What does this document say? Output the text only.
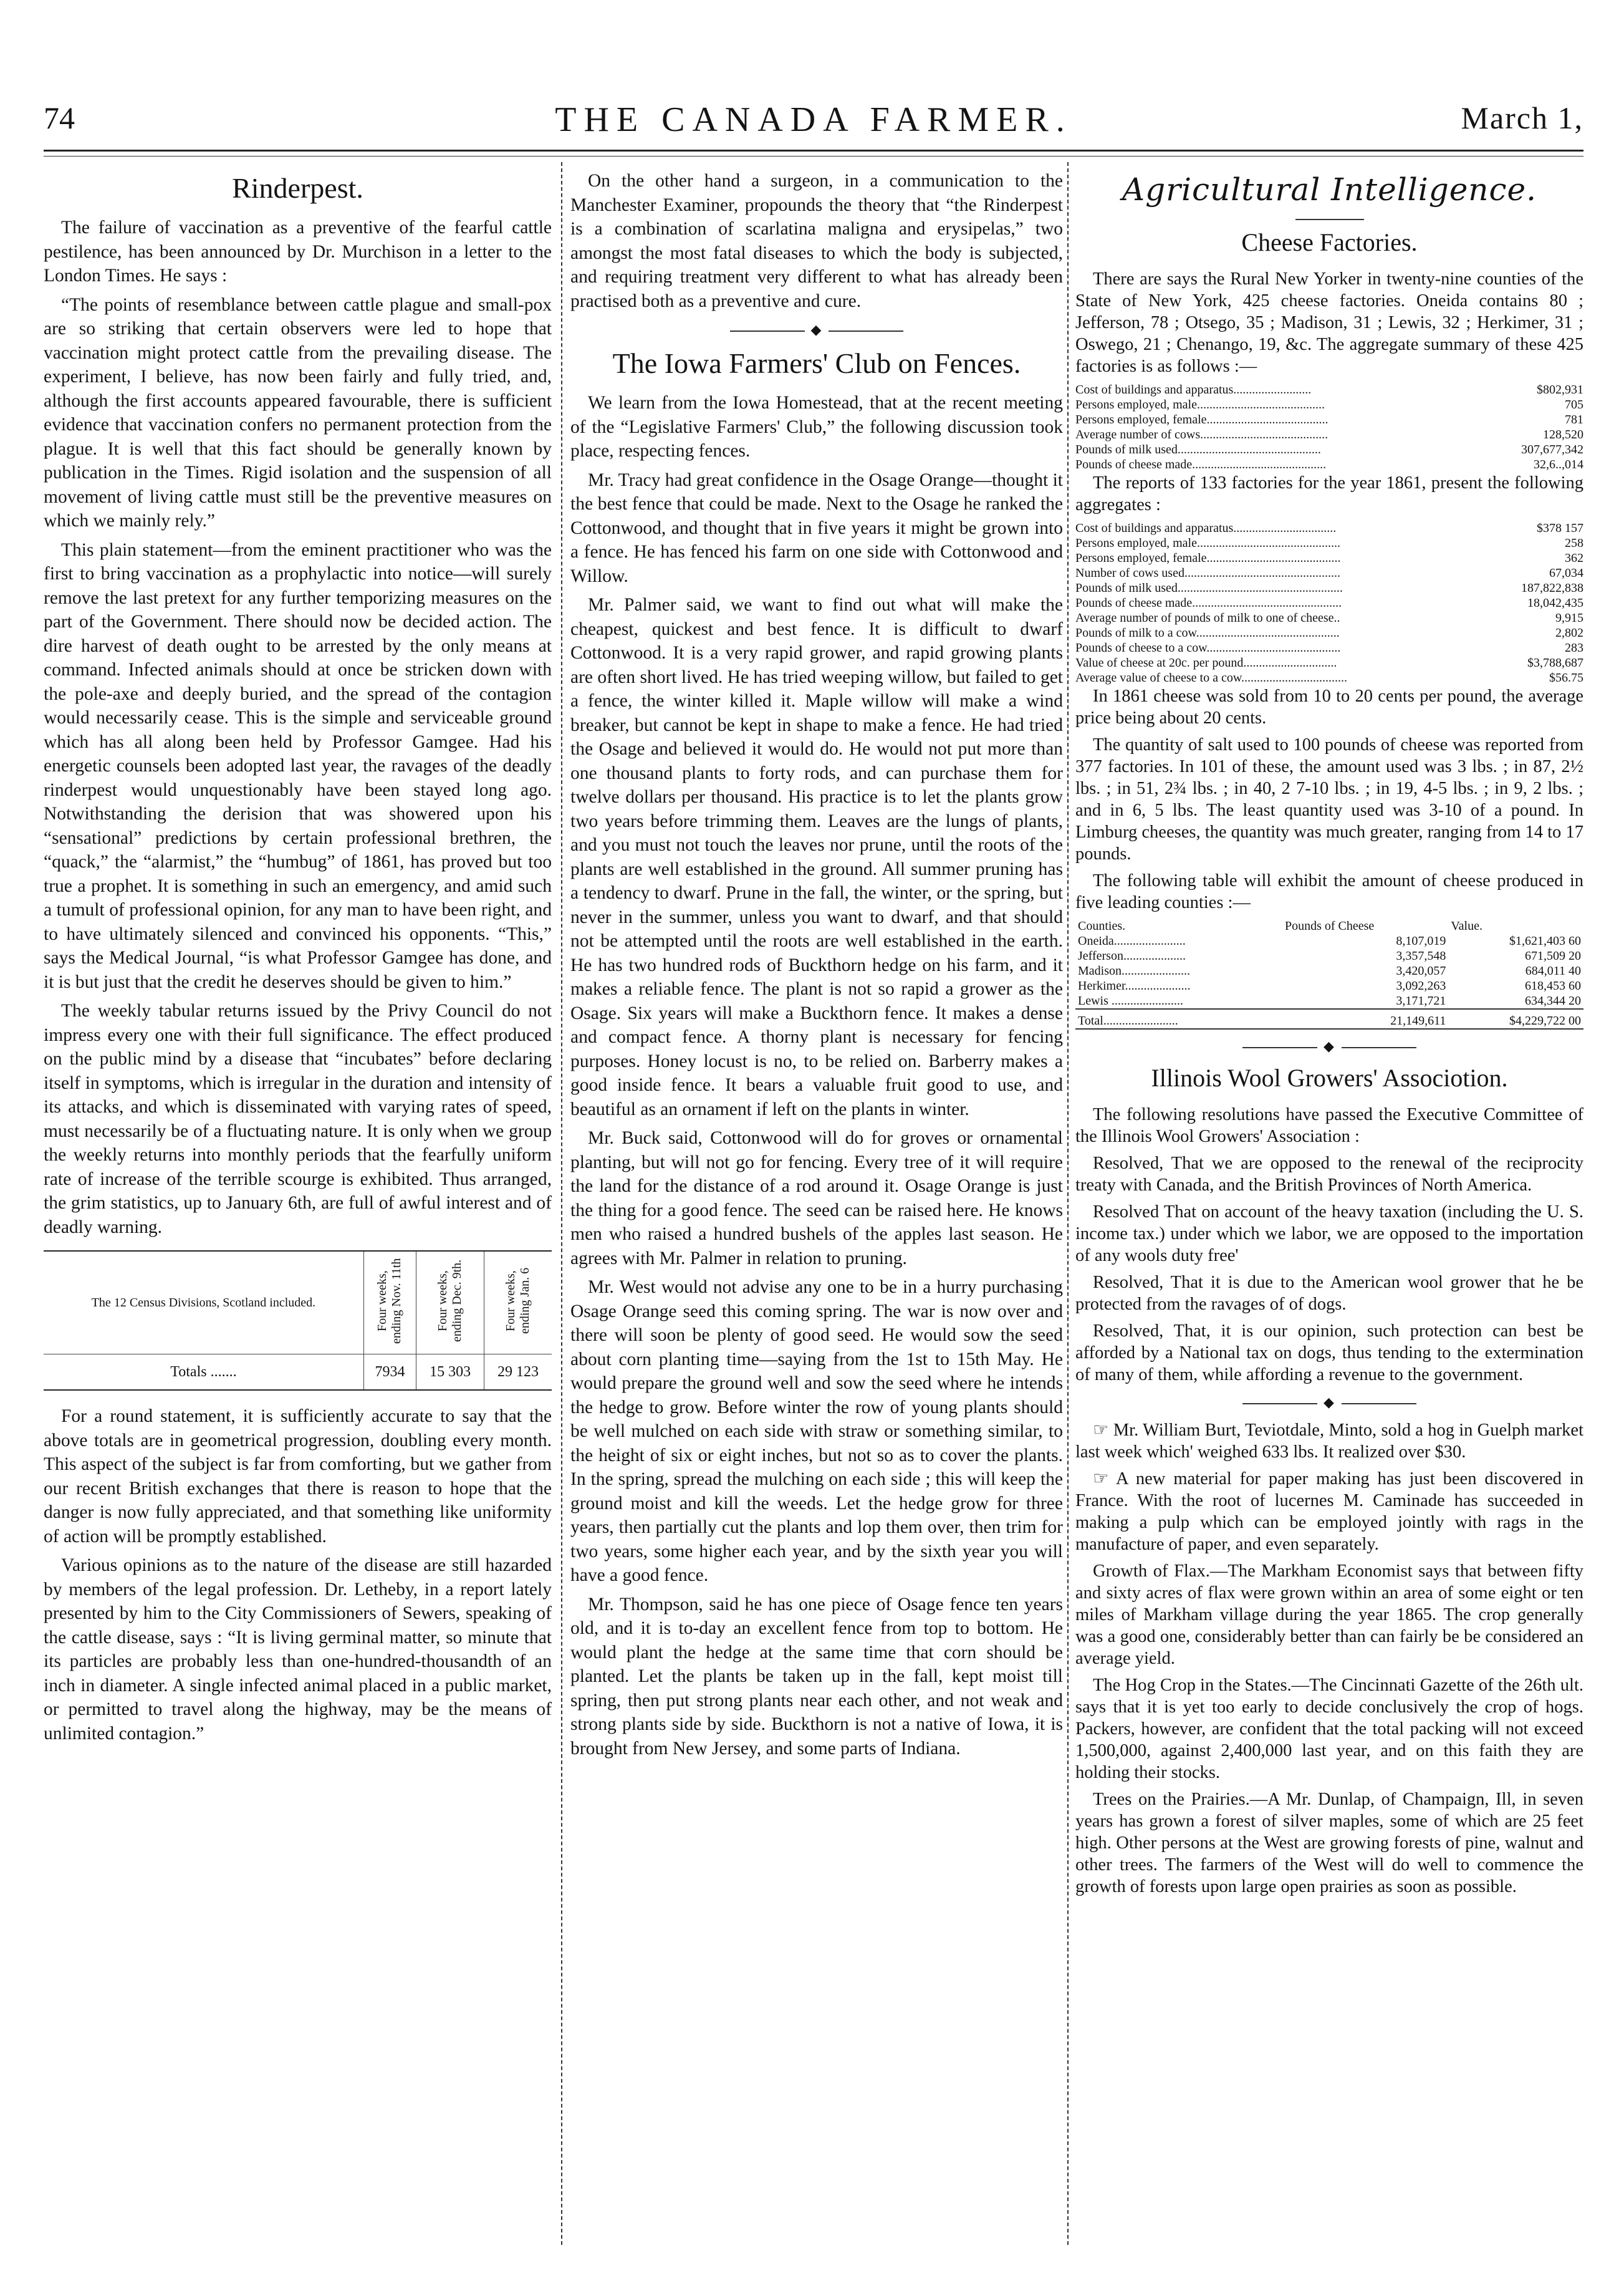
74	THE CANADA FARMER.	March 1,
Rinderpest.

The failure of vaccination as a preventive of the fearful cattle pestilence, has been announced by Dr. Murchison in a letter to the London Times. He says :

“The points of resemblance between cattle plague and small-pox are so striking that certain observers were led to hope that vaccination might protect cattle from the prevailing disease. The experiment, I believe, has now been fairly and fully tried, and, although the first accounts appeared favourable, there is sufficient evidence that vaccination confers no permanent protection from the plague. It is well that this fact should be generally known by publication in the Times. Rigid isolation and the suspension of all movement of living cattle must still be the preventive measures on which we mainly rely.”

This plain statement—from the eminent practitioner who was the first to bring vaccination as a prophylactic into notice—will surely remove the last pretext for any further temporizing measures on the part of the Government. There should now be decided action. The dire harvest of death ought to be arrested by the only means at command. Infected animals should at once be stricken down with the pole-axe and deeply buried, and the spread of the contagion would necessarily cease. This is the simple and serviceable ground which has all along been held by Professor Gamgee. Had his energetic counsels been adopted last year, the ravages of the deadly rinderpest would unquestionably have been stayed long ago. Notwithstanding the derision that was showered upon his “sensational” predictions by certain professional brethren, the “quack,” the “alarmist,” the “humbug” of 1861, has proved but too true a prophet. It is something in such an emergency, and amid such a tumult of professional opinion, for any man to have been right, and to have ultimately silenced and convinced his opponents. “This,” says the Medical Journal, “is what Professor Gamgee has done, and it is but just that the credit he deserves should be given to him.”

The weekly tabular returns issued by the Privy Council do not impress every one with their full significance. The effect produced on the public mind by a disease that “incubates” before declaring itself in symptoms, which is irregular in the duration and intensity of its attacks, and which is disseminated with varying rates of speed, must necessarily be of a fluctuating nature. It is only when we group the weekly returns into monthly periods that the fearfully uniform rate of increase of the terrible scourge is exhibited. Thus arranged, the grim statistics, up to January 6th, are full of awful interest and of deadly warning.

The 12 Census Divisions, Scotland included.	Four weeks, ending Nov. 11th	Four weeks, ending Dec. 9th.	Four weeks, ending Jan. 6
Totals .......	7934	15 303	29 123

For a round statement, it is sufficiently accurate to say that the above totals are in geometrical progression, doubling every month. This aspect of the subject is far from comforting, but we gather from our recent British exchanges that there is reason to hope that the danger is now fully appreciated, and that something like uniformity of action will be promptly established.

Various opinions as to the nature of the disease are still hazarded by members of the legal profession. Dr. Letheby, in a report lately presented by him to the City Commissioners of Sewers, speaking of the cattle disease, says : “It is living germinal matter, so minute that its particles are probably less than one-hundred-thousandth of an inch in diameter. A single infected animal placed in a public market, or permitted to travel along the highway, may be the means of unlimited contagion.”

On the other hand a surgeon, in a communication to the Manchester Examiner, propounds the theory that “the Rinderpest is a combination of scarlatina maligna and erysipelas,” two amongst the most fatal diseases to which the body is subjected, and requiring treatment very different to what has already been practised both as a preventive and cure.

◆
The Iowa Farmers' Club on Fences.

We learn from the Iowa Homestead, that at the recent meeting of the “Legislative Farmers' Club,” the following discussion took place, respecting fences.

Mr. Tracy had great confidence in the Osage Orange—thought it the best fence that could be made. Next to the Osage he ranked the Cottonwood, and thought that in five years it might be grown into a fence. He has fenced his farm on one side with Cottonwood and Willow.

Mr. Palmer said, we want to find out what will make the cheapest, quickest and best fence. It is difficult to dwarf Cottonwood. It is a very rapid grower, and rapid growing plants are often short lived. He has tried weeping willow, but failed to get a fence, the winter killed it. Maple willow will make a wind breaker, but cannot be kept in shape to make a fence. He had tried the Osage and believed it would do. He would not put more than one thousand plants to forty rods, and can purchase them for twelve dollars per thousand. His practice is to let the plants grow two years before trimming them. Leaves are the lungs of plants, and you must not touch the leaves nor prune, until the roots of the plants are well established in the ground. All summer pruning has a tendency to dwarf. Prune in the fall, the winter, or the spring, but never in the summer, unless you want to dwarf, and that should not be attempted until the roots are well established in the earth. He has two hundred rods of Buckthorn hedge on his farm, and it makes a reliable fence. The plant is not so rapid a grower as the Osage. Six years will make a Buckthorn fence. It makes a dense and compact fence. A thorny plant is necessary for fencing purposes. Honey locust is no, to be relied on. Barberry makes a good inside fence. It bears a valuable fruit good to use, and beautiful as an ornament if left on the plants in winter.

Mr. Buck said, Cottonwood will do for groves or ornamental planting, but will not go for fencing. Every tree of it will require the land for the distance of a rod around it. Osage Orange is just the thing for a good fence. The seed can be raised here. He knows men who raised a hundred bushels of the apples last season. He agrees with Mr. Palmer in relation to pruning.

Mr. West would not advise any one to be in a hurry purchasing Osage Orange seed this coming spring. The war is now over and there will soon be plenty of good seed. He would sow the seed about corn planting time—saying from the 1st to 15th May. He would prepare the ground well and sow the seed where he intends the hedge to grow. Before winter the row of young plants should be well mulched on each side with straw or something similar, to the height of six or eight inches, but not so as to cover the plants. In the spring, spread the mulching on each side ; this will keep the ground moist and kill the weeds. Let the hedge grow for three years, then partially cut the plants and lop them over, then trim for two years, some higher each year, and by the sixth year you will have a good fence.

Mr. Thompson, said he has one piece of Osage fence ten years old, and it is to-day an excellent fence from top to bottom. He would plant the hedge at the same time that corn should be planted. Let the plants be taken up in the fall, kept moist till spring, then put strong plants near each other, and not weak and strong plants side by side. Buckthorn is not a native of Iowa, it is brought from New Jersey, and some parts of Indiana.

Agricultural Intelligence.
Cheese Factories.

There are says the Rural New Yorker in twenty-nine counties of the State of New York, 425 cheese factories. Oneida contains 80 ; Jefferson, 78 ; Otsego, 35 ; Madison, 31 ; Lewis, 32 ; Herkimer, 31 ; Oswego, 21 ; Chenango, 19, &c. The aggregate summary of these 425 factories is as follows :—

Cost of buildings and apparatus.........................	$802,931
Persons employed, male.........................................	705
Persons employed, female.......................................	781
Average number of cows.........................................	128,520
Pounds of milk used..............................................	307,677,342
Pounds of cheese made...........................................	32,6..,014

The reports of 133 factories for the year 1861, present the following aggregates :

Cost of buildings and apparatus.................................	$378 157
Persons employed, male..............................................	258
Persons employed, female...........................................	362
Number of cows used..................................................	67,034
Pounds of milk used.....................................................	187,822,838
Pounds of cheese made................................................	18,042,435
Average number of pounds of milk to one of cheese..	9,915
Pounds of milk to a cow..............................................	2,802
Pounds of cheese to a cow...........................................	283
Value of cheese at 20c. per pound..............................	$3,788,687
Average value of cheese to a cow..................................	$56.75

In 1861 cheese was sold from 10 to 20 cents per pound, the average price being about 20 cents.

The quantity of salt used to 100 pounds of cheese was reported from 377 factories. In 101 of these, the amount used was 3 lbs. ; in 87, 2½ lbs. ; in 51, 2¾ lbs. ; in 40, 2 7-10 lbs. ; in 19, 4-5 lbs. ; in 9, 2 lbs. ; and in 6, 5 lbs. The least quantity used was 3-10 of a pound. In Limburg cheeses, the quantity was much greater, ranging from 14 to 17 pounds.

The following table will exhibit the amount of cheese produced in five leading counties :—

Counties.	Pounds of Cheese	Value.
Oneida.......................	8,107,019	$1,621,403 60
Jefferson....................	3,357,548	671,509 20
Madison......................	3,420,057	684,011 40
Herkimer.....................	3,092,263	618,453 60
Lewis .......................	3,171,721	634,344 20
Total........................	21,149,611	$4,229,722 00
◆
Illinois Wool Growers' Associotion.

The following resolutions have passed the Executive Committee of the Illinois Wool Growers' Association :

Resolved, That we are opposed to the renewal of the reciprocity treaty with Canada, and the British Provinces of North America.

Resolved That on account of the heavy taxation (including the U. S. income tax.) under which we labor, we are opposed to the importation of any wools duty free'

Resolved, That it is due to the American wool grower that he be protected from the ravages of of dogs.

Resolved, That, it is our opinion, such protection can best be afforded by a National tax on dogs, thus tending to the extermination of many of them, while affording a revenue to the government.

◆

☞ Mr. William Burt, Teviotdale, Minto, sold a hog in Guelph market last week which' weighed 633 lbs. It realized over $30.

☞ A new material for paper making has just been discovered in France. With the root of lucernes M. Caminade has succeeded in making a pulp which can be employed jointly with rags in the manufacture of paper, and even separately.

Growth of Flax.—The Markham Economist says that between fifty and sixty acres of flax were grown within an area of some eight or ten miles of Markham village during the year 1865. The crop generally was a good one, considerably better than can fairly be be considered an average yield.

The Hog Crop in the States.—The Cincinnati Gazette of the 26th ult. says that it is yet too early to decide conclusively the crop of hogs. Packers, however, are confident that the total packing will not exceed 1,500,000, against 2,400,000 last year, and on this faith they are holding their stocks.

Trees on the Prairies.—A Mr. Dunlap, of Champaign, Ill, in seven years has grown a forest of silver maples, some of which are 25 feet high. Other persons at the West are growing forests of pine, walnut and other trees. The farmers of the West will do well to commence the growth of forests upon large open prairies as soon as possible.
